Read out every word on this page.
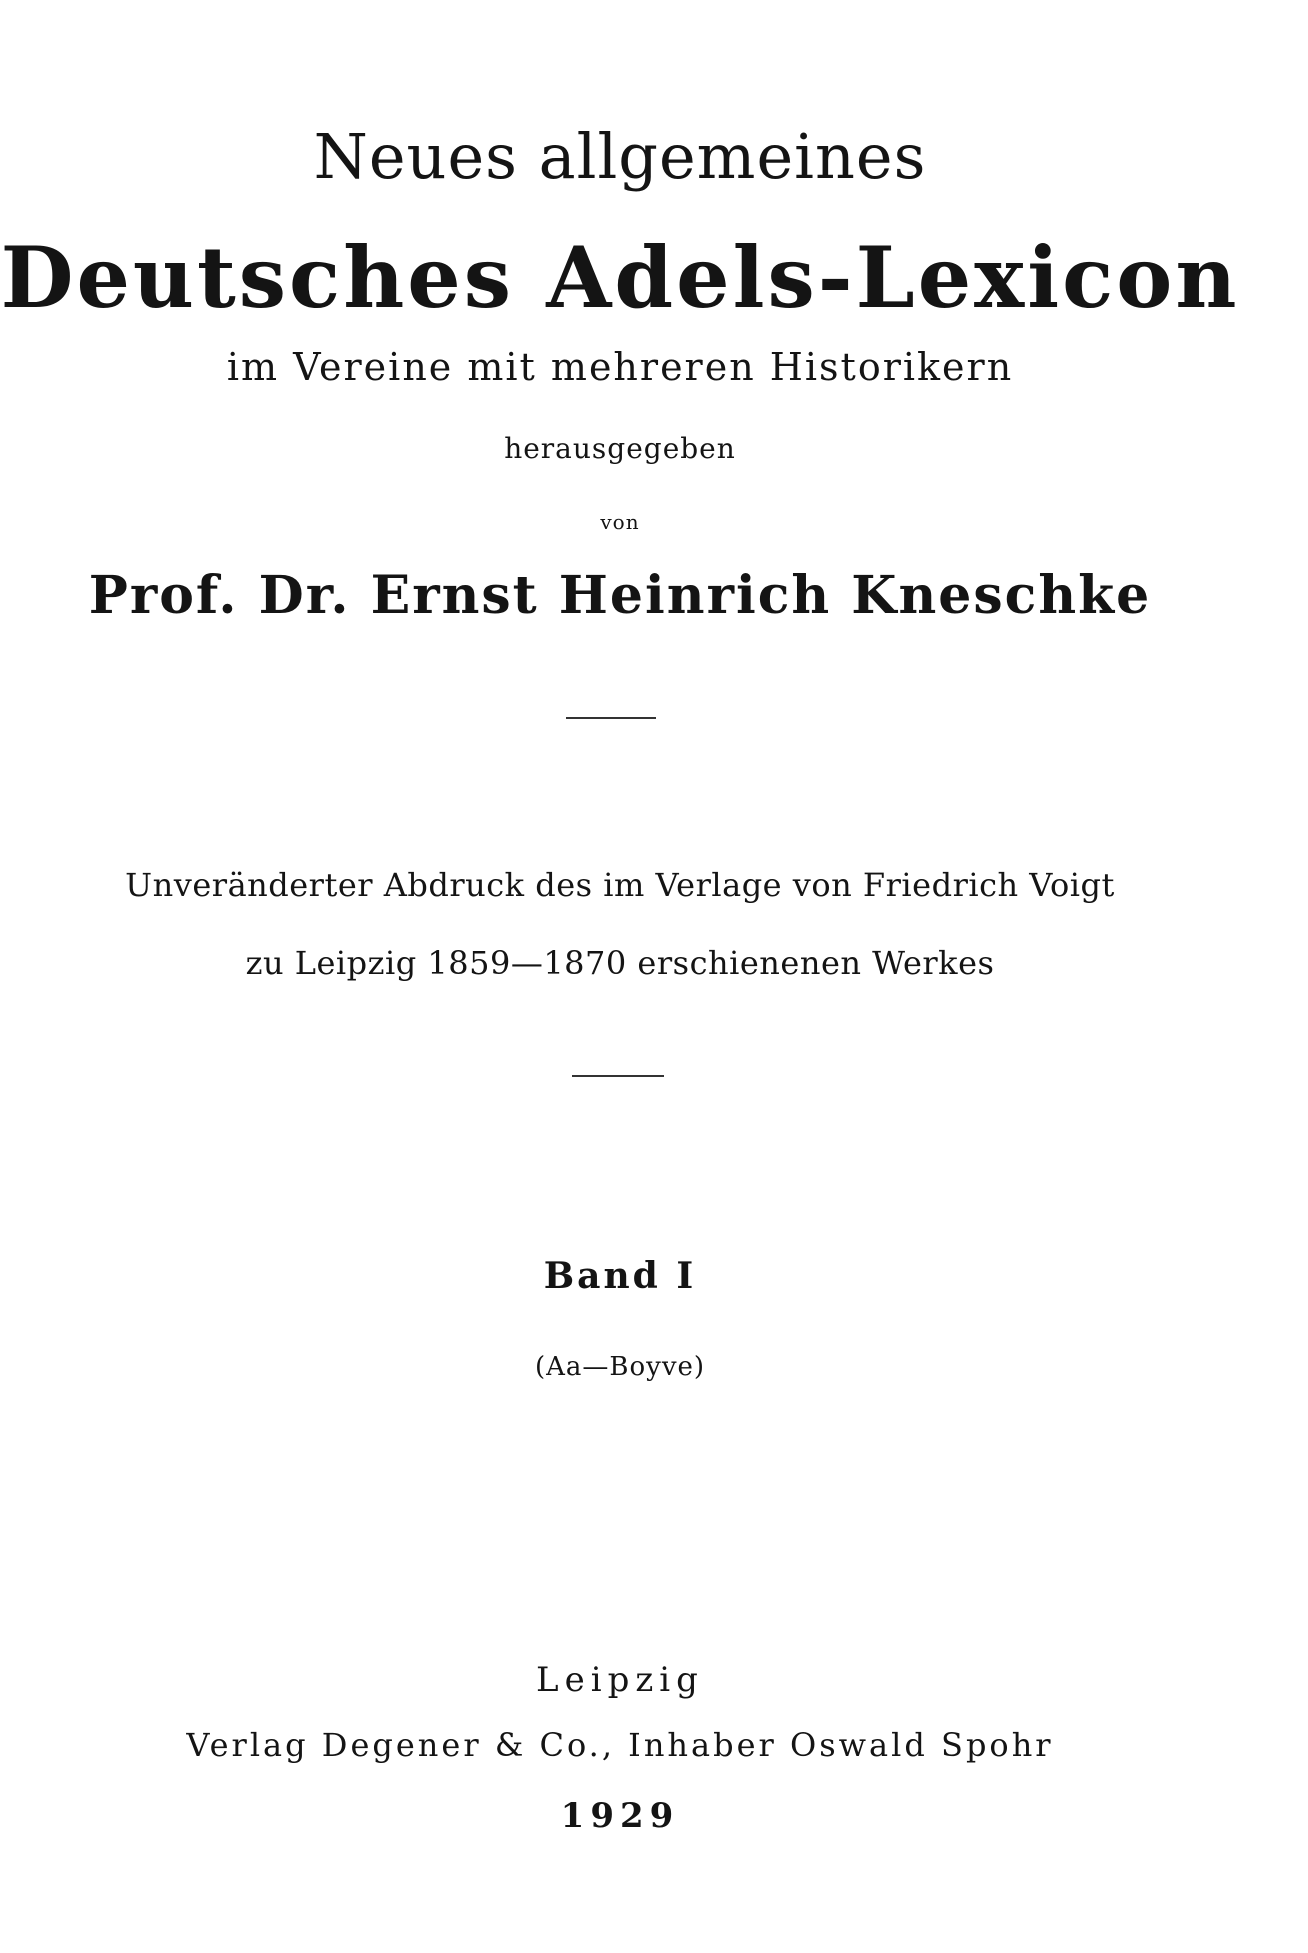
Neues allgemeines
Deutsches Adels-Lexicon
im Vereine mit mehreren Historikern
herausgegeben
von
Prof. Dr. Ernst Heinrich Kneschke
Unveränderter Abdruck des im Verlage von Friedrich Voigt
zu Leipzig 1859—1870 erschienenen Werkes
Band I
(Aa—Boyve)
Leipzig
Verlag Degener & Co., Inhaber Oswald Spohr
1929
